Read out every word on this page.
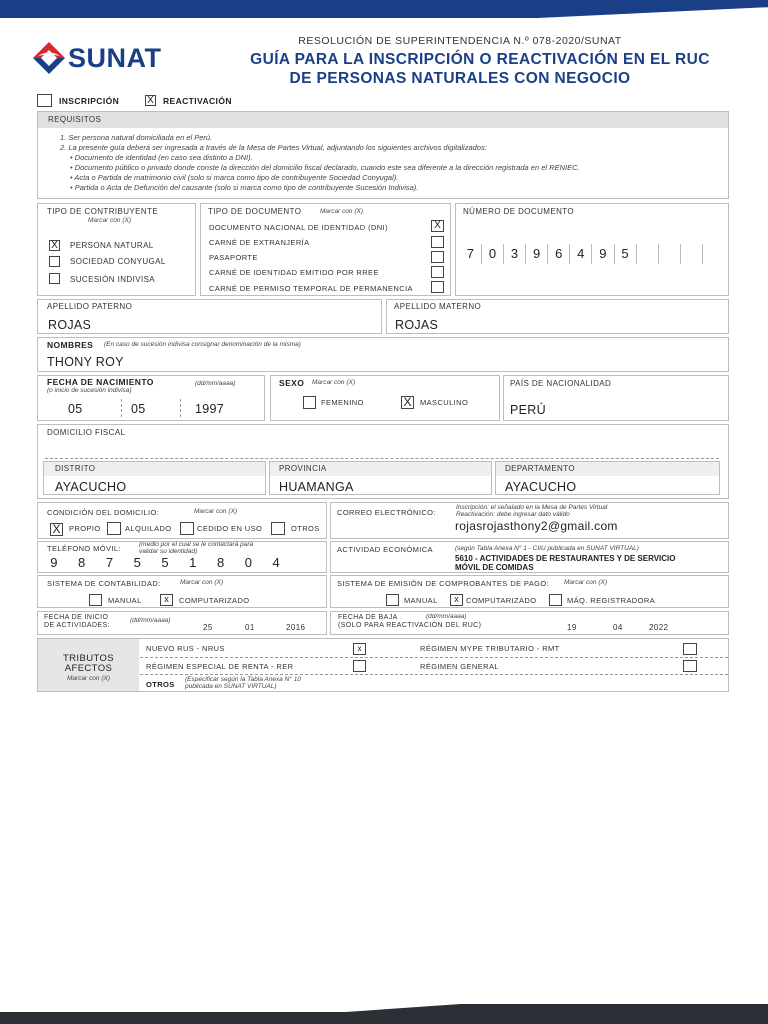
SUNAT
RESOLUCIÓN DE SUPERINTENDENCIA N.º 078-2020/SUNAT
GUÍA PARA LA INSCRIPCIÓN O REACTIVACIÓN EN EL RUC
DE PERSONAS NATURALES CON NEGOCIO
INSCRIPCIÓN	X REACTIVACIÓN
REQUISITOS
1. Ser persona natural domiciliada en el Perú.
2. La presente guía deberá ser ingresada a través de la Mesa de Partes Virtual, adjuntando los siguientes archivos digitalizados:
• Documento de identidad (en caso sea distinto a DNI).
• Documento público o privado donde conste la dirección del domicilio fiscal declarado, cuando este sea diferente a la dirección registrada en el RENIEC.
• Acta o Partida de matrimonio civil (solo si marca como tipo de contribuyente Sociedad Conyugal).
• Partida o Acta de Defunción del causante (solo si marca como tipo de contribuyente Sucesión Indivisa).
TIPO DE CONTRIBUYENTE
Marcar con (X)
X PERSONA NATURAL
SOCIEDAD CONYUGAL
SUCESIÓN INDIVISA
TIPO DE DOCUMENTO	Marcar con (X)
DOCUMENTO NACIONAL DE IDENTIDAD (DNI)	X
CARNÉ DE EXTRANJERÍA
PASAPORTE
CARNÉ DE IDENTIDAD EMITIDO POR RREE
CARNÉ DE PERMISO TEMPORAL DE PERMANENCIA
NÚMERO DE DOCUMENTO
7	0	3	9	6	4	9	5
APELLIDO PATERNO
ROJAS
APELLIDO MATERNO
ROJAS
NOMBRES (En caso de sucesión indivisa consignar denominación de la misma)
THONY ROY
FECHA DE NACIMIENTO
(o inicio de sucesión indivisa)
(dd/mm/aaaa)
05	05	1997
SEXO Marcar con (X)
FEMENINO	X	MASCULINO
PAÍS DE NACIONALIDAD
PERÚ
DOMICILIO FISCAL
DISTRITO
AYACUCHO
PROVINCIA
HUAMANGA
DEPARTAMENTO
AYACUCHO
CONDICIÓN DEL DOMICILIO:	Marcar con (X)
X	PROPIO	ALQUILADO	CEDIDO EN USO	OTROS
CORREO ELECTRÓNICO:
Inscripción: el señalado en la Mesa de Partes Virtual
Reactivación: debe ingresar dato válido
rojasrojasthony2@gmail.com
TELÉFONO MÓVIL:	(medio por el cual se le contactará para
validar su identidad)
9	8	7	5	5	1	8	0	4
ACTIVIDAD ECONÓMICA	(según Tabla Anexa N° 1 - CIIU publicada en SUNAT VIRTUAL)
5610 - ACTIVIDADES DE RESTAURANTES Y DE SERVICIO
MÓVIL DE COMIDAS
SISTEMA DE CONTABILIDAD:	Marcar con (X)
MANUAL	x	COMPUTARIZADO
SISTEMA DE EMISIÓN DE COMPROBANTES DE PAGO: Marcar con (X)
MANUAL	x COMPUTARIZADO	MÁQ. REGISTRADORA
FECHA DE INICIO
DE ACTIVIDADES:
(dd/mm/aaaa)
25	01	2016
FECHA DE BAJA
(SOLO PARA REACTIVACIÓN DEL RUC)
(dd/mm/aaaa)
19	04	2022
TRIBUTOS
AFECTOS
Marcar con (X)
NUEVO RUS - NRUS	x	RÉGIMEN MYPE TRIBUTARIO - RMT
RÉGIMEN ESPECIAL DE RENTA - RER	RÉGIMEN GENERAL
OTROS
(Especificar según la Tabla Anexa N° 10
publicada en SUNAT VIRTUAL)
